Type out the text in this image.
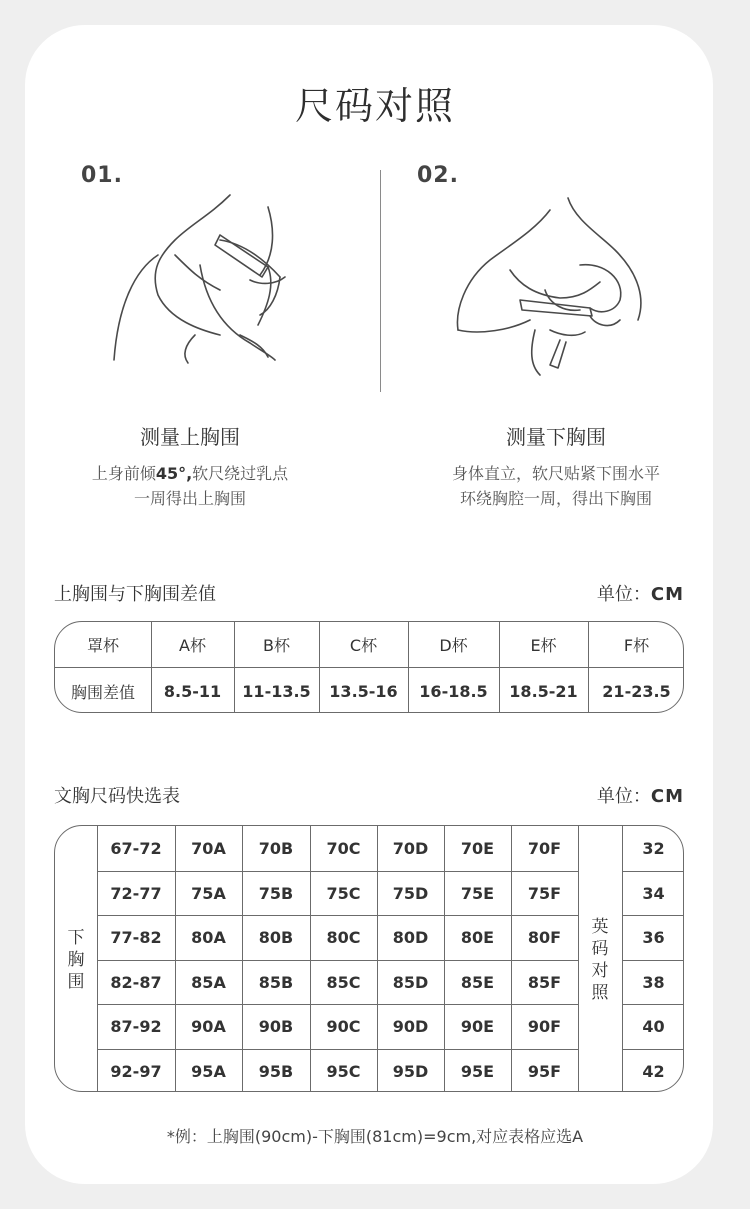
尺码对照
01.	02.
测量上胸围
上身前倾45°,软尺绕过乳点
一周得出上胸围
测量下胸围
身体直立，软尺贴紧下围水平
环绕胸腔一周，得出下胸围
上胸围与下胸围差值	单位：CM
罩杯	A杯	B杯	C杯	D杯	E杯	F杯
胸围差值	8.5-11	11-13.5	13.5-16	16-18.5	18.5-21	21-23.5
文胸尺码快选表	单位：CM
下
胸
围
英
码
对
照
67-72	70A	70B	70C	70D	70E	70F	32
72-77	75A	75B	75C	75D	75E	75F	34
77-82	80A	80B	80C	80D	80E	80F	36
82-87	85A	85B	85C	85D	85E	85F	38
87-92	90A	90B	90C	90D	90E	90F	40
92-97	95A	95B	95C	95D	95E	95F	42
*例：上胸围(90cm)-下胸围(81cm)=9cm,对应表格应选A
